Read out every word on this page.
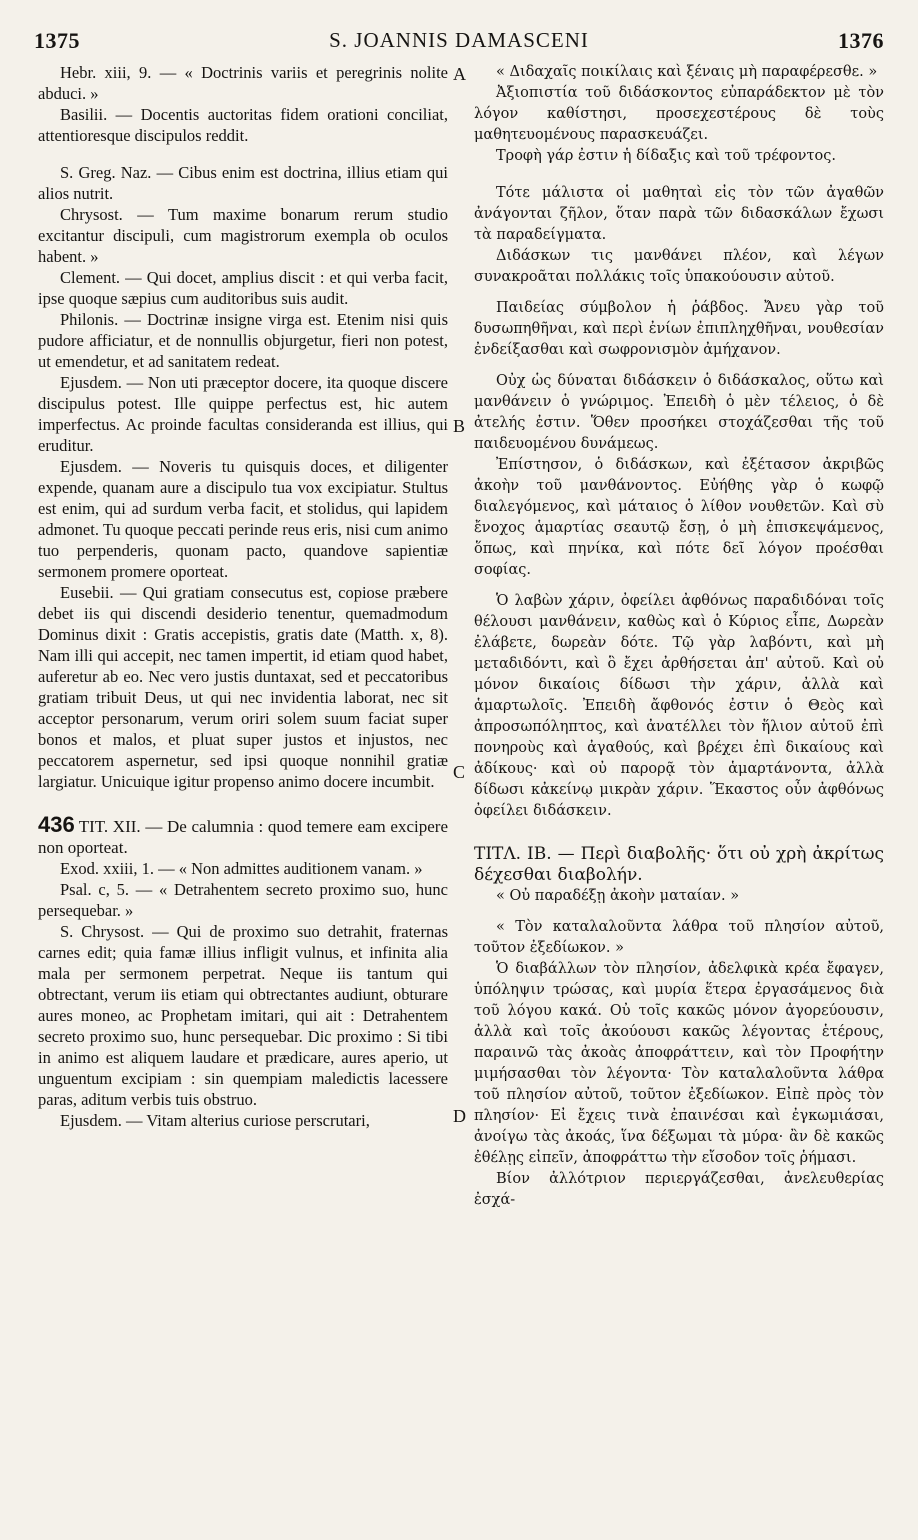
1375	S. JOANNIS DAMASCENI	1376
A
B
C
D

Hebr. xiii, 9. — « Doctrinis variis et peregrinis nolite abduci. »

Basilii. — Docentis auctoritas fidem orationi conciliat, attentioresque discipulos reddit.

S. Greg. Naz. — Cibus enim est doctrina, illius etiam qui alios nutrit.

Chrysost. — Tum maxime bonarum rerum studio excitantur discipuli, cum magistrorum exempla ob oculos habent. »

Clement. — Qui docet, amplius discit : et qui verba facit, ipse quoque sæpius cum auditoribus suis audit.

Philonis. — Doctrinæ insigne virga est. Etenim nisi quis pudore afficiatur, et de nonnullis objurgetur, fieri non potest, ut emendetur, et ad sanitatem redeat.

Ejusdem. — Non uti præceptor docere, ita quoque discere discipulus potest. Ille quippe perfectus est, hic autem imperfectus. Ac proinde facultas consideranda est illius, qui eruditur.

Ejusdem. — Noveris tu quisquis doces, et diligenter expende, quanam aure a discipulo tua vox excipiatur. Stultus est enim, qui ad surdum verba facit, et stolidus, qui lapidem admonet. Tu quoque peccati perinde reus eris, nisi cum animo tuo perpenderis, quonam pacto, quandove sapientiæ sermonem promere oporteat.

Eusebii. — Qui gratiam consecutus est, copiose præbere debet iis qui discendi desiderio tenentur, quemadmodum Dominus dixit : Gratis accepistis, gratis date (Matth. x, 8). Nam illi qui accepit, nec tamen impertit, id etiam quod habet, auferetur ab eo. Nec vero justis duntaxat, sed et peccatoribus gratiam tribuit Deus, ut qui nec invidentia laborat, nec sit acceptor personarum, verum oriri solem suum faciat super bonos et malos, et pluat super justos et injustos, nec peccatorem aspernetur, sed ipsi quoque nonnihil gratiæ largiatur. Unicuique igitur propenso animo docere incumbit.

436 TIT. XII. — De calumnia : quod temere eam excipere non oporteat.

Exod. xxiii, 1. — « Non admittes auditionem vanam. »

Psal. c, 5. — « Detrahentem secreto proximo suo, hunc persequebar. »

S. Chrysost. — Qui de proximo suo detrahit, fraternas carnes edit; quia famæ illius infligit vulnus, et infinita alia mala per sermonem perpetrat. Neque iis tantum qui obtrectant, verum iis etiam qui obtrectantes audiunt, obturare aures moneo, ac Prophetam imitari, qui ait : Detrahentem secreto proximo suo, hunc persequebar. Dic proximo : Si tibi in animo est aliquem laudare et prædicare, aures aperio, ut unguentum excipiam : sin quempiam maledictis lacessere paras, aditum verbis tuis obstruo.

Ejusdem. — Vitam alterius curiose perscrutari,

« Διδαχαῖς ποικίλαις καὶ ξέναις μὴ παραφέρεσθε. »

Ἀξιοπιστία τοῦ διδάσκοντος εὐπαράδεκτον μὲ τὸν λόγον καθίστησι, προσεχεστέρους δὲ τοὺς μαθητευομένους παρασκευάζει.

Τροφὴ γάρ ἐστιν ἡ δίδαξις καὶ τοῦ τρέφοντος.

Τότε μάλιστα οἱ μαθηταὶ εἰς τὸν τῶν ἀγαθῶν ἀνάγονται ζῆλον, ὅταν παρὰ τῶν διδασκάλων ἔχωσι τὰ παραδείγματα.

Διδάσκων τις μανθάνει πλέον, καὶ λέγων συνακροᾶται πολλάκις τοῖς ὑπακούουσιν αὐτοῦ.

Παιδείας σύμβολον ἡ ῥάβδος. Ἄνευ γὰρ τοῦ δυσωπηθῆναι, καὶ περὶ ἐνίων ἐπιπληχθῆναι, νουθεσίαν ἐνδείξασθαι καὶ σωφρονισμὸν ἀμήχανον.

Οὐχ ὡς δύναται διδάσκειν ὁ διδάσκαλος, οὕτω καὶ μανθάνειν ὁ γνώριμος. Ἐπειδὴ ὁ μὲν τέλειος, ὁ δὲ ἀτελής ἐστιν. Ὅθεν προσήκει στοχάζεσθαι τῆς τοῦ παιδευομένου δυνάμεως.

Ἐπίστησον, ὁ διδάσκων, καὶ ἐξέτασον ἀκριβῶς ἀκοὴν τοῦ μανθάνοντος. Εὐήθης γὰρ ὁ κωφῷ διαλεγόμενος, καὶ μάταιος ὁ λίθον νουθετῶν. Καὶ σὺ ἔνοχος ἁμαρτίας σεαυτῷ ἔσῃ, ὁ μὴ ἐπισκεψάμενος, ὅπως, καὶ πηνίκα, καὶ πότε δεῖ λόγον προέσθαι σοφίας.

Ὁ λαβὼν χάριν, ὀφείλει ἀφθόνως παραδιδόναι τοῖς θέλουσι μανθάνειν, καθὼς καὶ ὁ Κύριος εἶπε, Δωρεὰν ἐλάβετε, δωρεὰν δότε. Τῷ γὰρ λαβόντι, καὶ μὴ μεταδιδόντι, καὶ ὃ ἔχει ἀρθήσεται ἀπ' αὐτοῦ. Καὶ οὐ μόνον δικαίοις δίδωσι τὴν χάριν, ἀλλὰ καὶ ἁμαρτωλοῖς. Ἐπειδὴ ἄφθονός ἐστιν ὁ Θεὸς καὶ ἀπροσωπόληπτος, καὶ ἀνατέλλει τὸν ἥλιον αὐτοῦ ἐπὶ πονηροὺς καὶ ἀγαθούς, καὶ βρέχει ἐπὶ δικαίους καὶ ἀδίκους· καὶ οὐ παρορᾷ τὸν ἁμαρτάνοντα, ἀλλὰ δίδωσι κἀκείνῳ μικρὰν χάριν. Ἕκαστος οὖν ἀφθόνως ὀφείλει διδάσκειν.

ΤΙΤΛ. ΙΒ. — Περὶ διαβολῆς· ὅτι οὐ χρὴ ἀκρίτως δέχεσθαι διαβολήν.

« Οὐ παραδέξῃ ἀκοὴν ματαίαν. »

« Τὸν καταλαλοῦντα λάθρα τοῦ πλησίον αὐτοῦ, τοῦτον ἐξεδίωκον. »

Ὁ διαβάλλων τὸν πλησίον, ἀδελφικὰ κρέα ἔφαγεν, ὑπόληψιν τρώσας, καὶ μυρία ἕτερα ἐργασάμενος διὰ τοῦ λόγου κακά. Οὐ τοῖς κακῶς μόνον ἀγορεύουσιν, ἀλλὰ καὶ τοῖς ἀκούουσι κακῶς λέγοντας ἑτέρους, παραινῶ τὰς ἀκοὰς ἀποφράττειν, καὶ τὸν Προφήτην μιμήσασθαι τὸν λέγοντα· Τὸν καταλαλοῦντα λάθρα τοῦ πλησίον αὐτοῦ, τοῦτον ἐξεδίωκον. Εἰπὲ πρὸς τὸν πλησίον· Εἰ ἔχεις τινὰ ἐπαινέσαι καὶ ἐγκωμιάσαι, ἀνοίγω τὰς ἀκοάς, ἵνα δέξωμαι τὰ μύρα· ἂν δὲ κακῶς ἐθέλῃς εἰπεῖν, ἀποφράττω τὴν εἴσοδον τοῖς ῥήμασι.

Βίον ἀλλότριον περιεργάζεσθαι, ἀνελευθερίας ἐσχά-
